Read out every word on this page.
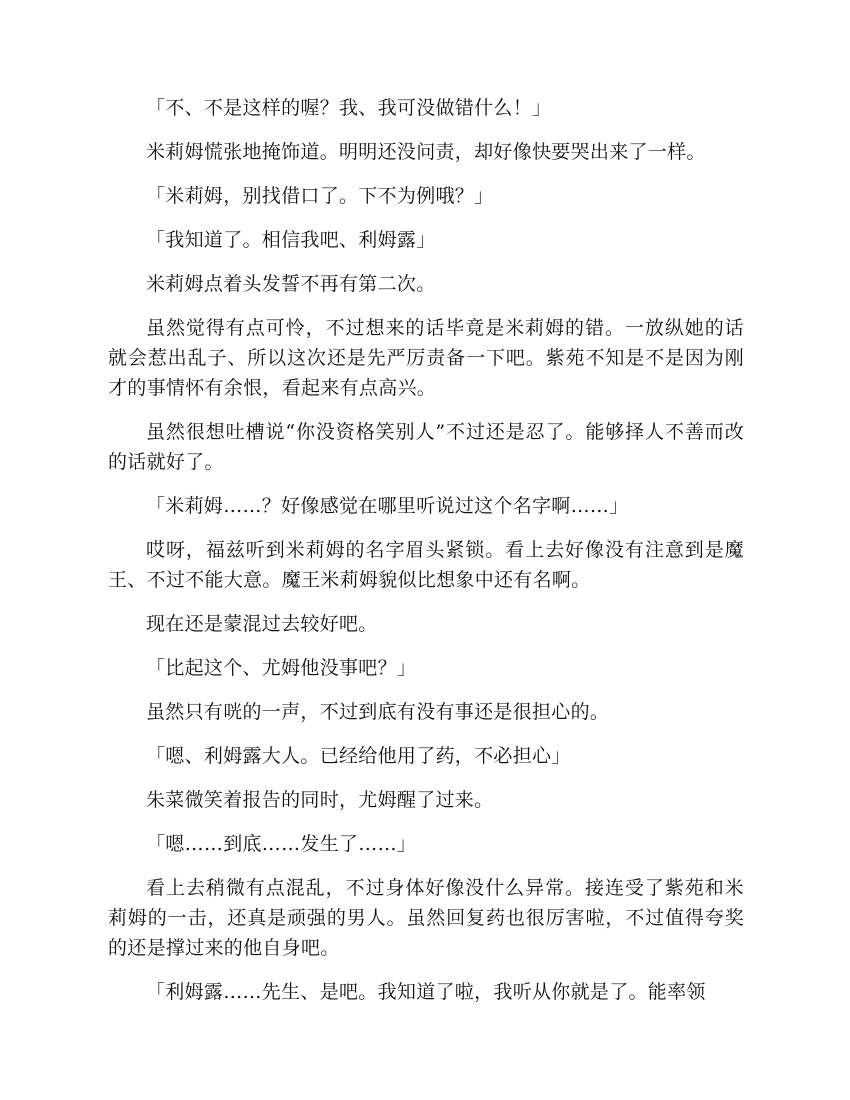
「不、不是这样的喔？我、我可没做错什么！」

米莉姆慌张地掩饰道。明明还没问责，却好像快要哭出来了一样。

「米莉姆，别找借口了。下不为例哦？」

「我知道了。相信我吧、利姆露」

米莉姆点着头发誓不再有第二次。

虽然觉得有点可怜，不过想来的话毕竟是米莉姆的错。一放纵她的话就会惹出乱子、所以这次还是先严厉责备一下吧。紫苑不知是不是因为刚才的事情怀有余恨，看起来有点高兴。

虽然很想吐槽说“你没资格笑别人”不过还是忍了。能够择人不善而改的话就好了。

「米莉姆……？好像感觉在哪里听说过这个名字啊……」

哎呀，福兹听到米莉姆的名字眉头紧锁。看上去好像没有注意到是魔王、不过不能大意。魔王米莉姆貌似比想象中还有名啊。

现在还是蒙混过去较好吧。

「比起这个、尤姆他没事吧？」

虽然只有咣的一声，不过到底有没有事还是很担心的。

「嗯、利姆露大人。已经给他用了药，不必担心」

朱菜微笑着报告的同时，尤姆醒了过来。

「嗯……到底……发生了……」

看上去稍微有点混乱，不过身体好像没什么异常。接连受了紫苑和米莉姆的一击，还真是顽强的男人。虽然回复药也很厉害啦，不过值得夸奖的还是撑过来的他自身吧。

「利姆露……先生、是吧。我知道了啦，我听从你就是了。能率领
